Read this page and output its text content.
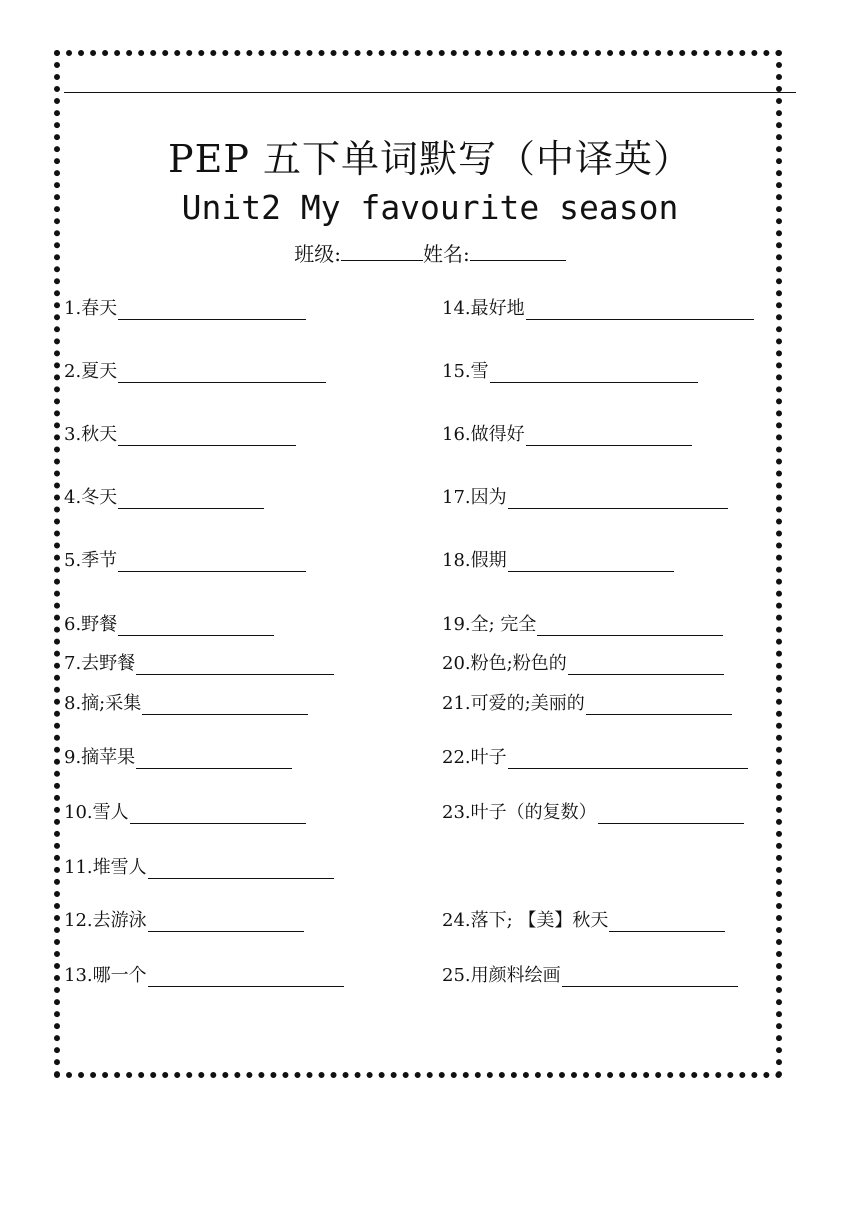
PEP 五下单词默写（中译英）
Unit2 My favourite season
班级:	姓名:
1.春天
2.夏天
3.秋天
4.冬天
5.季节
6.野餐
7.去野餐
8.摘;采集
9.摘苹果
10.雪人
11.堆雪人
12.去游泳
13.哪一个
14.最好地
15.雪
16.做得好
17.因为
18.假期
19.全; 完全
20.粉色;粉色的
21.可爱的;美丽的
22.叶子
23.叶子（的复数）
24.落下; 【美】秋天
25.用颜料绘画
